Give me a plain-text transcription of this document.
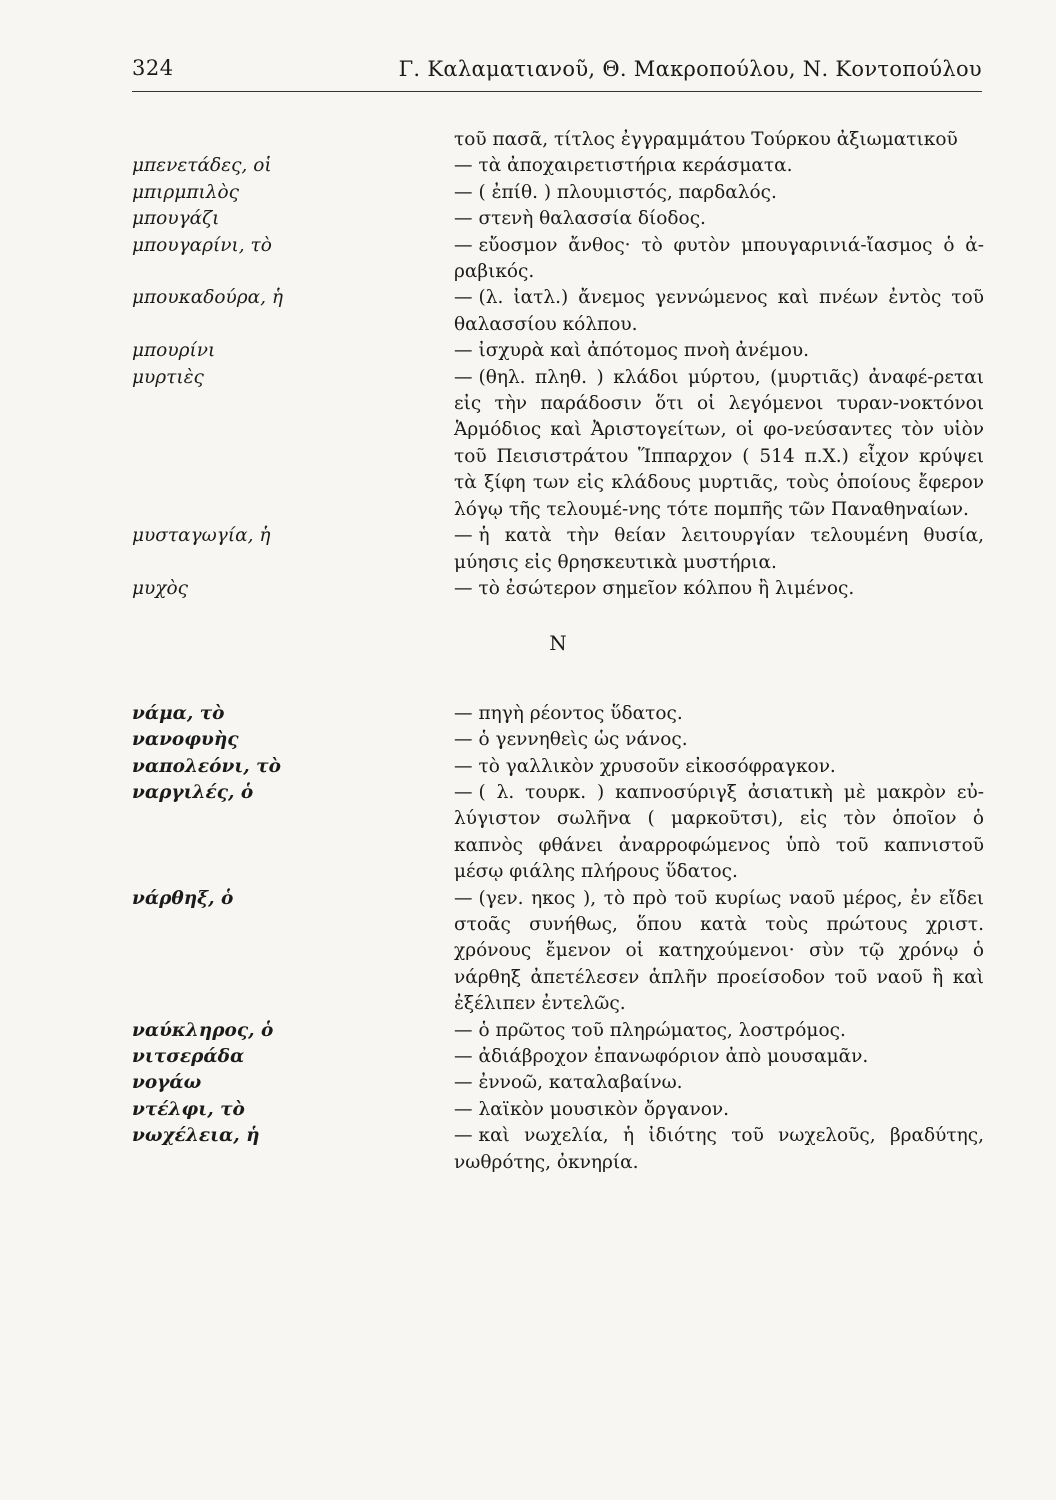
324	Γ. Καλαματιανοῦ, Θ. Μακροπούλου, Ν. Κοντοπούλου
τοῦ πασᾶ, τίτλος ἐγγραμμάτου Τούρκου ἀξιωματικοῦ
μπενετάδες, οἱ	— τὰ ἀποχαιρετιστήρια κεράσματα.
μπιρμπιλὸς	— ( ἐπίθ. ) πλουμιστός, παρδαλός.
μπουγάζι	— στενὴ θαλασσία δίοδος.
μπουγαρίνι, τὸ	— εὔοσμον ἄνθος· τὸ φυτὸν μπουγαρινιά-ἴασμος ὁ ἀ-ραβικός.
μπουκαδούρα, ἡ	— (λ. ἰατλ.) ἄνεμος γεννώμενος καὶ πνέων ἐντὸς τοῦ θαλασσίου κόλπου.
μπουρίνι	— ἰσχυρὰ καὶ ἀπότομος πνοὴ ἀνέμου.
μυρτιὲς	— (θηλ. πληθ. ) κλάδοι μύρτου, (μυρτιᾶς) ἀναφέ-ρεται εἰς τὴν παράδοσιν ὅτι οἱ λεγόμενοι τυραν-νοκτόνοι Ἁρμόδιος καὶ Ἀριστογείτων, οἱ φο-νεύσαντες τὸν υἱὸν τοῦ Πεισιστράτου Ἵππαρχον ( 514 π.Χ.) εἶχον κρύψει τὰ ξίφη των εἰς κλάδους μυρτιᾶς, τοὺς ὁποίους ἔφερον λόγῳ τῆς τελουμέ-νης τότε πομπῆς τῶν Παναθηναίων.
μυσταγωγία, ἡ	— ἡ κατὰ τὴν θείαν λειτουργίαν τελουμένη θυσία, μύησις εἰς θρησκευτικὰ μυστήρια.
μυχὸς	— τὸ ἐσώτερον σημεῖον κόλπου ἢ λιμένος.
Ν
νάμα, τὸ	— πηγὴ ρέοντος ὕδατος.
νανοφυὴς	— ὁ γεννηθεὶς ὡς νάνος.
ναπολεόνι, τὸ	— τὸ γαλλικὸν χρυσοῦν εἰκοσόφραγκον.
ναργιλές, ὁ	— ( λ. τουρκ. ) καπνοσύριγξ ἀσιατικὴ μὲ μακρὸν εὐ-λύγιστον σωλῆνα ( μαρκοῦτσι), εἰς τὸν ὁποῖον ὁ καπνὸς φθάνει ἀναρροφώμενος ὑπὸ τοῦ καπνιστοῦ μέσῳ φιάλης πλήρους ὕδατος.
νάρθηξ, ὁ	— (γεν. ηκος ), τὸ πρὸ τοῦ κυρίως ναοῦ μέρος, ἐν εἴδει στοᾶς συνήθως, ὅπου κατὰ τοὺς πρώτους χριστ. χρόνους ἔμενον οἱ κατηχούμενοι· σὺν τῷ χρόνῳ ὁ νάρθηξ ἀπετέλεσεν ἁπλῆν προείσοδον τοῦ ναοῦ ἢ καὶ ἐξέλιπεν ἐντελῶς.
ναύκληρος, ὁ	— ὁ πρῶτος τοῦ πληρώματος, λοστρόμος.
νιτσεράδα	— ἀδιάβροχον ἐπανωφόριον ἀπὸ μουσαμᾶν.
νογάω	— ἐννοῶ, καταλαβαίνω.
ντέλφι, τὸ	— λαϊκὸν μουσικὸν ὄργανον.
νωχέλεια, ἡ	— καὶ νωχελία, ἡ ἰδιότης τοῦ νωχελοῦς, βραδύτης, νωθρότης, ὀκνηρία.
